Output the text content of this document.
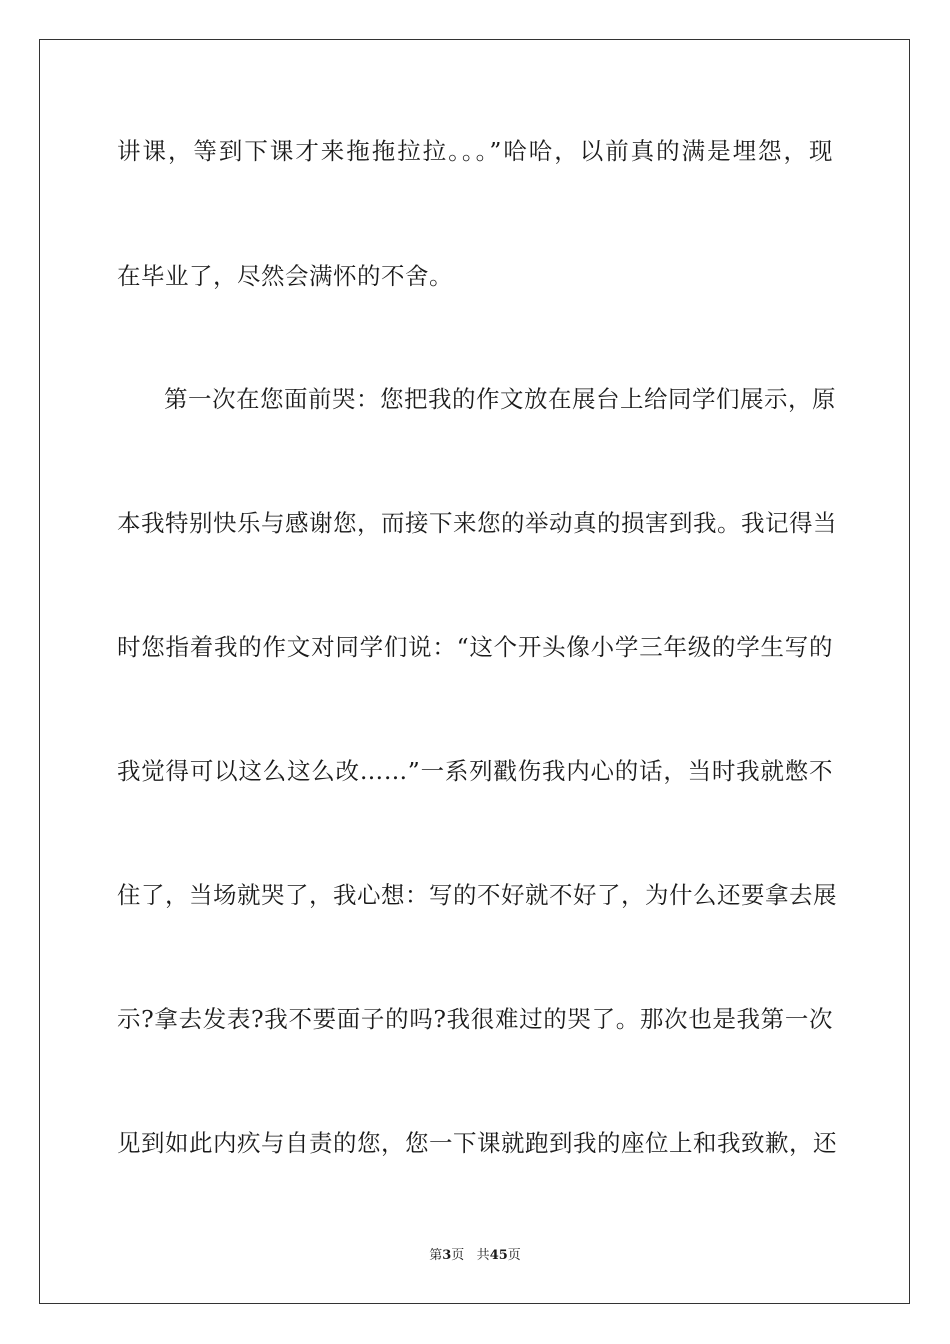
讲课，等到下课才来拖拖拉拉。。。”哈哈，以前真的满是埋怨，现
在毕业了，尽然会满怀的不舍。
第一次在您面前哭：您把我的作文放在展台上给同学们展示，原
本我特别快乐与感谢您，而接下来您的举动真的损害到我。我记得当
时您指着我的作文对同学们说：“这个开头像小学三年级的学生写的
我觉得可以这么这么改……”一系列戳伤我内心的话，当时我就憋不
住了，当场就哭了，我心想：写的不好就不好了，为什么还要拿去展
示?拿去发表?我不要面子的吗?我很难过的哭了。那次也是我第一次
见到如此内疚与自责的您，您一下课就跑到我的座位上和我致歉，还
第3页 共45页
